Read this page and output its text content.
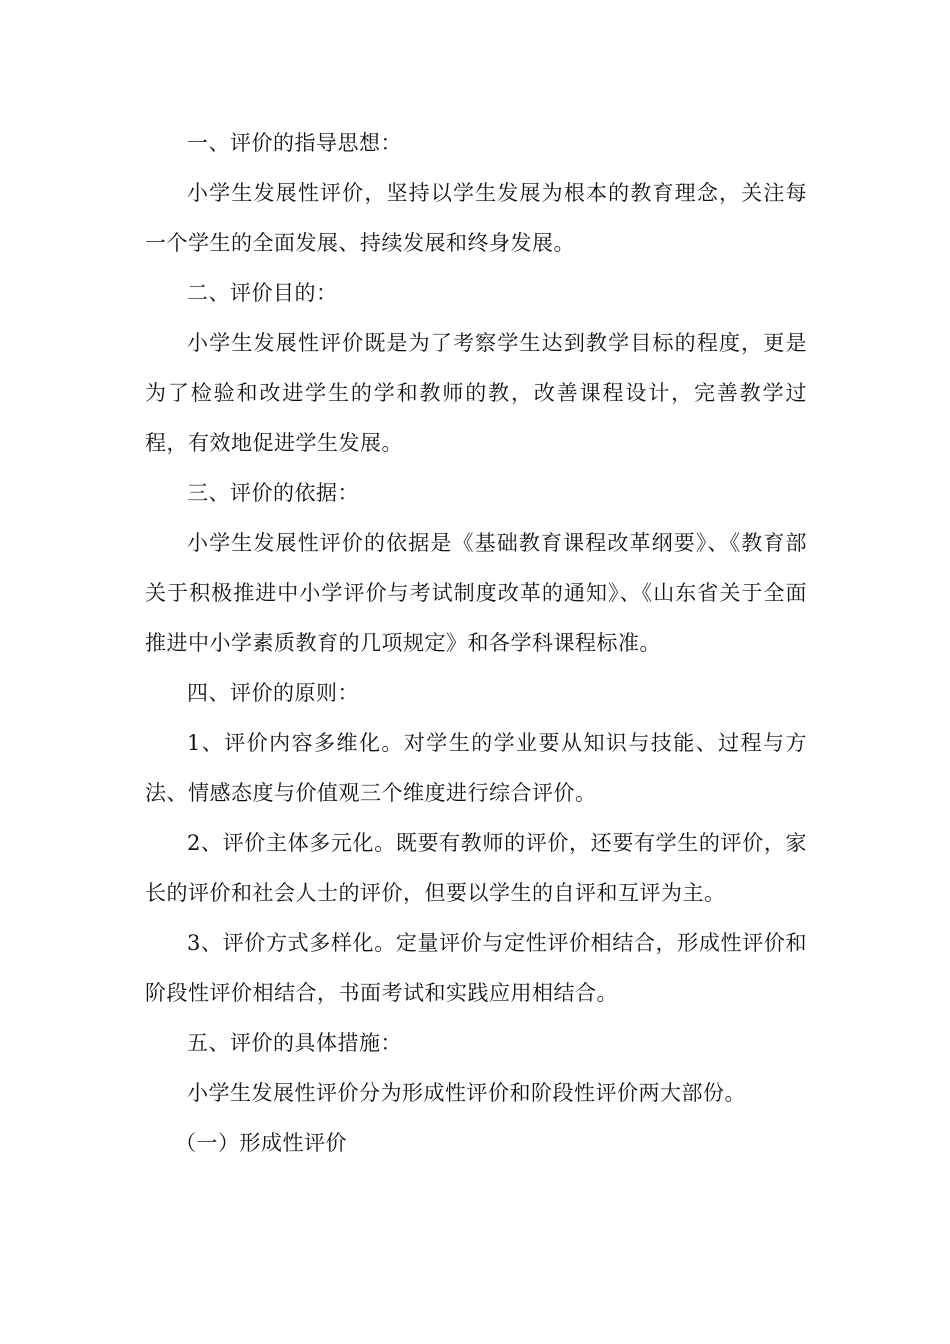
一、评价的指导思想：

小学生发展性评价，坚持以学生发展为根本的教育理念，关注每一个学生的全面发展、持续发展和终身发展。

二、评价目的：

小学生发展性评价既是为了考察学生达到教学目标的程度，更是为了检验和改进学生的学和教师的教，改善课程设计，完善教学过程，有效地促进学生发展。

三、评价的依据：

小学生发展性评价的依据是《基础教育课程改革纲要》、《教育部关于积极推进中小学评价与考试制度改革的通知》、《山东省关于全面推进中小学素质教育的几项规定》和各学科课程标准。

四、评价的原则：

1、评价内容多维化。对学生的学业要从知识与技能、过程与方法、情感态度与价值观三个维度进行综合评价。

2、评价主体多元化。既要有教师的评价，还要有学生的评价，家长的评价和社会人士的评价，但要以学生的自评和互评为主。

3、评价方式多样化。定量评价与定性评价相结合，形成性评价和阶段性评价相结合，书面考试和实践应用相结合。

五、评价的具体措施：

小学生发展性评价分为形成性评价和阶段性评价两大部份。

（一）形成性评价
